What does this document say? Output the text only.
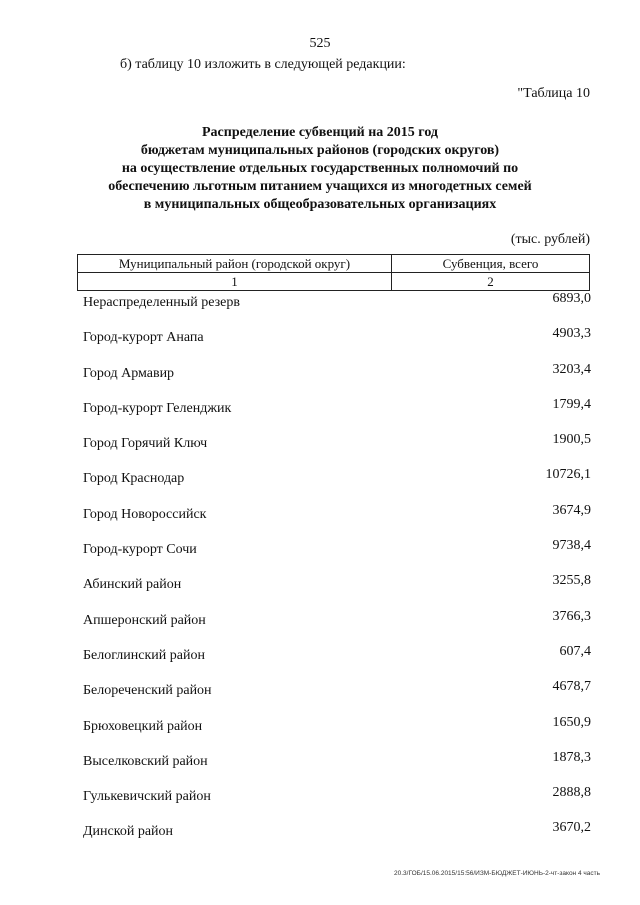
525
б) таблицу 10 изложить в следующей редакции:
"Таблица 10
Распределение субвенций на 2015 год
бюджетам муниципальных районов (городских округов)
на осуществление отдельных государственных полномочий по
обеспечению льготным питанием учащихся из многодетных семей
в муниципальных общеобразовательных организациях
(тыс. рублей)
Муниципальный район (городской округ)	Субвенция, всего
1	2
Нераспределенный резерв	6893,0
Город-курорт Анапа	4903,3
Город Армавир	3203,4
Город-курорт Геленджик	1799,4
Город Горячий Ключ	1900,5
Город Краснодар	10726,1
Город Новороссийск	3674,9
Город-курорт Сочи	9738,4
Абинский район	3255,8
Апшеронский район	3766,3
Белоглинский район	607,4
Белореченский район	4678,7
Брюховецкий район	1650,9
Выселковский район	1878,3
Гулькевичский район	2888,8
Динской район	3670,2
20.3/ГОБ/15.06.2015/15:56/ИЗМ-БЮДЖЕТ-ИЮНЬ-2-чт-закон 4 часть
